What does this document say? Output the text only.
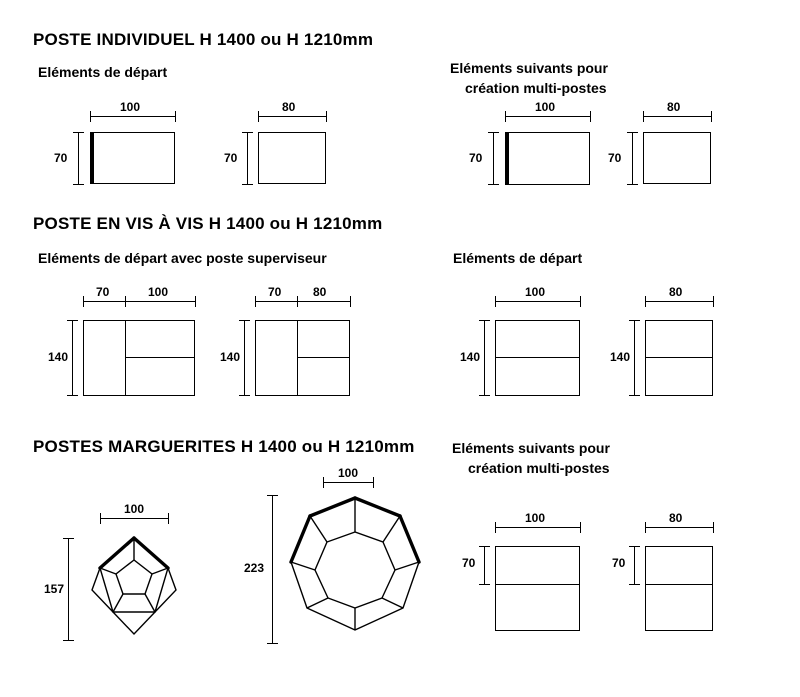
POSTE INDIVIDUEL H 1400 ou H 1210mm
Eléments de départ	Eléments suivants pour
création multi-postes
100
70
80
70
100
70
80
70
POSTE EN VIS À VIS H 1400 ou H 1210mm
Eléments de départ avec poste superviseur	Eléments de départ
70	100
140
70	80
140
100
140
80
140
POSTES MARGUERITES H 1400 ou H 1210mm	Eléments suivants pour
création multi-postes
100
157
100
223
100
70
80
70
